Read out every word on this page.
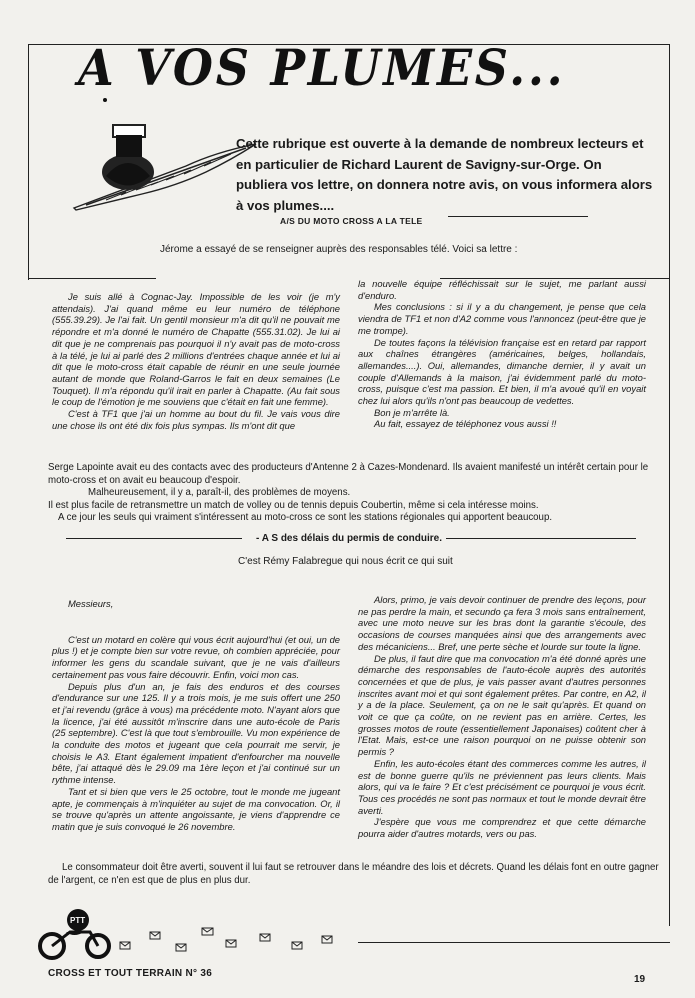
A VOS PLUMES...
Cette rubrique est ouverte à la demande de nombreux lecteurs et en particulier de Richard Laurent de Savigny-sur-Orge. On publiera vos lettre, on donnera notre avis, on vous informera alors à vos plumes....
A/S DU MOTO CROSS A LA TELE
Jérome a essayé de se renseigner auprès des responsables télé. Voici sa lettre :

Je suis allé à Cognac-Jay. Impossible de les voir (je m'y attendais). J'ai quand même eu leur numéro de téléphone (555.39.29). Je l'ai fait. Un gentil monsieur m'a dit qu'il ne pouvait me répondre et m'a donné le numéro de Chapatte (555.31.02). Je lui ai dit que je ne comprenais pas pourquoi il n'y avait pas de moto-cross à la télé, je lui ai parlé des 2 millions d'entrées chaque année et lui ai dit que le moto-cross était capable de réunir en une seule journée autant de monde que Roland-Garros le fait en deux semaines (Le Touquet). Il m'a répondu qu'il irait en parler à Chapatte. (Au fait sous le coup de l'émotion je me souviens que c'était en fait une femme).

C'est à TF1 que j'ai un homme au bout du fil. Je vais vous dire une chose ils ont été dix fois plus sympas. Ils m'ont dit que

la nouvelle équipe réfléchissait sur le sujet, me parlant aussi d'enduro.

Mes conclusions : si il y a du changement, je pense que cela viendra de TF1 et non d'A2 comme vous l'annoncez (peut-être que je me trompe).

De toutes façons la télévision française est en retard par rapport aux chaînes étrangères (américaines, belges, hollandais, allemandes....). Oui, allemandes, dimanche dernier, il y avait un couple d'Allemands à la maison, j'ai évidemment parlé du moto-cross, puisque c'est ma passion. Et bien, il m'a avoué qu'il en voyait chez lui alors qu'ils n'ont pas beaucoup de vedettes.

Bon je m'arrête là.

Au fait, essayez de téléphonez vous aussi !!

Serge Lapointe avait eu des contacts avec des producteurs d'Antenne 2 à Cazes-Mondenard. Ils avaient manifesté un intérêt certain pour le moto-cross et on avait eu beaucoup d'espoir.

Malheureusement, il y a, paraît-il, des problèmes de moyens.

Il est plus facile de retransmettre un match de volley ou de tennis depuis Coubertin, même si cela intéresse moins.

A ce jour les seuls qui vraiment s'intéressent au moto-cross ce sont les stations régionales qui apportent beaucoup.

- A S des délais du permis de conduire.
C'est Rémy Falabregue qui nous écrit ce qui suit

Messieurs,

C'est un motard en colère qui vous écrit aujourd'hui (et oui, un de plus !) et je compte bien sur votre revue, oh combien appréciée, pour informer les gens du scandale suivant, que je ne vais d'ailleurs certainement pas vous faire découvrir. Enfin, voici mon cas.

Depuis plus d'un an, je fais des enduros et des courses d'endurance sur une 125. Il y a trois mois, je me suis offert une 250 et j'ai revendu (grâce à vous) ma précédente moto. N'ayant alors que la licence, j'ai été aussitôt m'inscrire dans une auto-école de Paris (25 septembre). C'est là que tout s'embrouille. Vu mon expérience de la conduite des motos et jugeant que cela pourrait me servir, je choisis le A3. Etant également impatient d'enfourcher ma nouvelle bête, j'ai attaqué dès le 29.09 ma 1ère leçon et j'ai continué sur un rythme intense.

Tant et si bien que vers le 25 octobre, tout le monde me jugeant apte, je commençais à m'inquiéter au sujet de ma convocation. Or, il se trouve qu'après un attente angoissante, je viens d'apprendre ce matin que je suis convoqué le 26 novembre.

Alors, primo, je vais devoir continuer de prendre des leçons, pour ne pas perdre la main, et secundo ça fera 3 mois sans entraînement, avec une moto neuve sur les bras dont la garantie s'écoule, des occasions de courses manquées ainsi que des arrangements avec des mécaniciens... Bref, une perte sèche et lourde sur toute la ligne.

De plus, il faut dire que ma convocation m'a été donné après une démarche des responsables de l'auto-école auprès des autorités concernées et que de plus, je vais passer avant d'autres personnes inscrites avant moi et qui sont également prêtes. Par contre, en A2, il y a de la place. Seulement, ça on ne le sait qu'après. Et quand on voit ce que ça coûte, on ne revient pas en arrière. Certes, les grosses motos de route (essentiellement Japonaises) coûtent cher à l'Etat. Mais, est-ce une raison pourquoi on ne puisse obtenir son permis ?

Enfin, les auto-écoles étant des commerces comme les autres, il est de bonne guerre qu'ils ne préviennent pas leurs clients. Mais alors, qui va le faire ? Et c'est précisément ce pourquoi je vous écrit. Tous ces procédés ne sont pas normaux et tout le monde devrait être averti.

J'espère que vous me comprendrez et que cette démarche pourra aider d'autres motards, vers ou pas.

Le consommateur doit être averti, souvent il lui faut se retrouver dans le méandre des lois et décrets. Quand les délais font en outre gagner de l'argent, ce n'en est que de plus en plus dur.

PTT
CROSS ET TOUT TERRAIN N° 36
19
